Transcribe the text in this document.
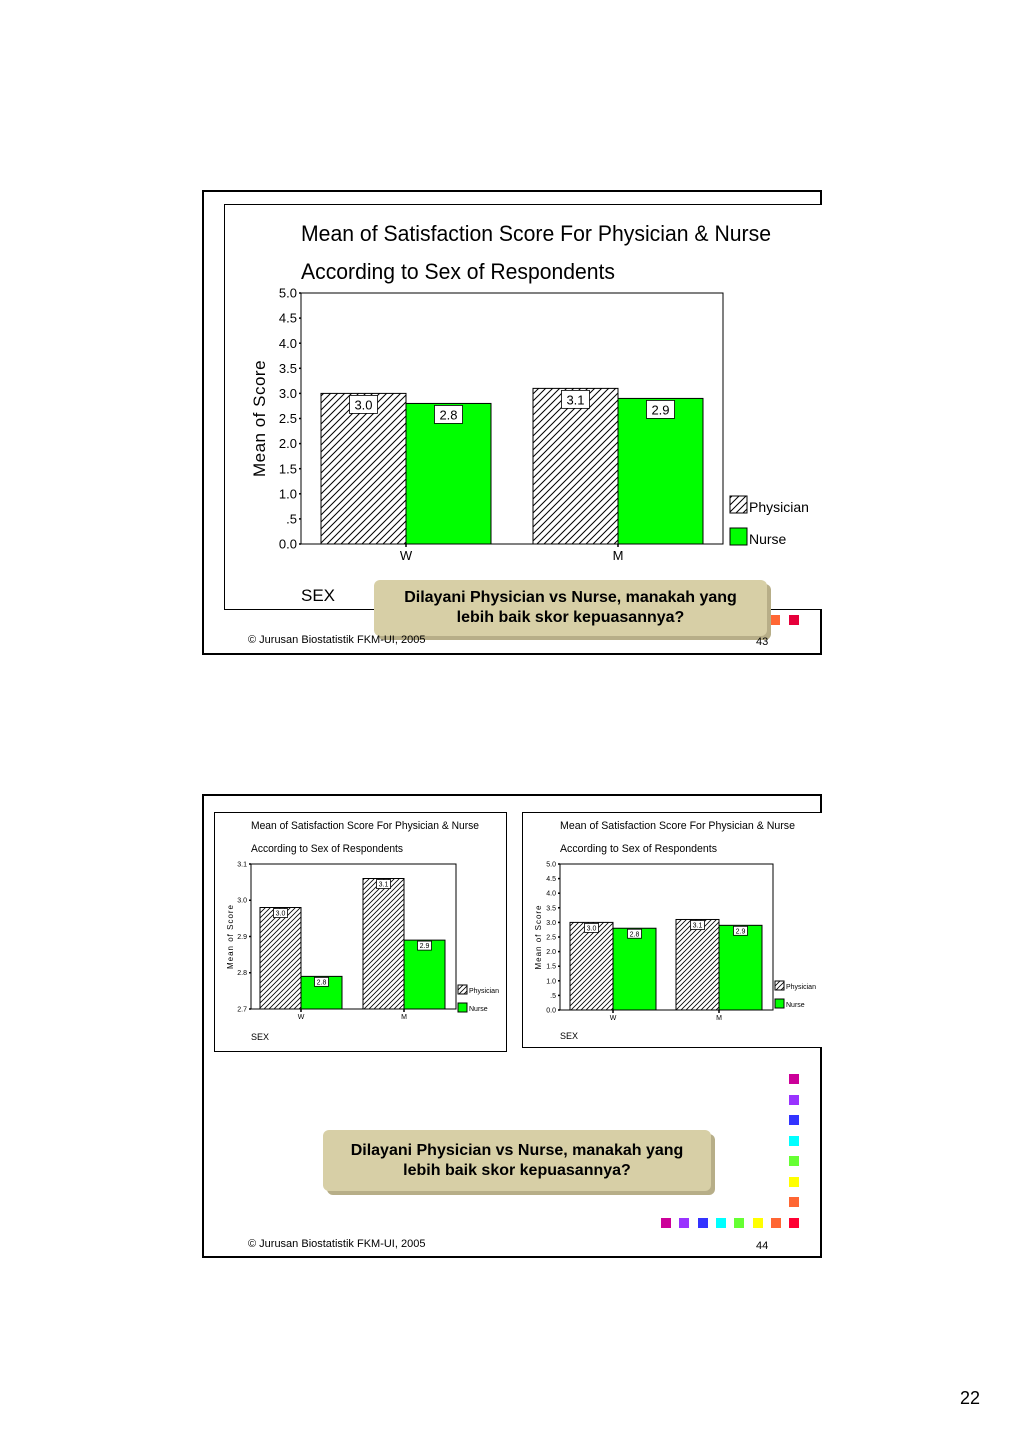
Mean of Satisfaction Score For Physician & Nurse
According to Sex of Respondents
0.0
.5
1.0
1.5
2.0
2.5
3.0
3.5
4.0
4.5
5.0
Mean of Score	3.0
2.8
W
3.1
2.9
M
SEX
Physician
Nurse
Dilayani Physician vs Nurse, manakah yang lebih baik skor kepuasannya?
© Jurusan Biostatistik FKM-UI, 2005	43
Mean of Satisfaction Score For Physician & Nurse
According to Sex of Respondents
2.7
2.8
2.9
3.0
3.1
Mean of Score	3.0
2.8
W
3.1
2.9
M
SEX
Physician
Nurse
Mean of Satisfaction Score For Physician & Nurse
According to Sex of Respondents
0.0
.5
1.0
1.5
2.0
2.5
3.0
3.5
4.0
4.5
5.0
Mean of Score	3.0
2.8
W
3.1
2.9
M
SEX
Physician
Nurse
Dilayani Physician vs Nurse, manakah yang lebih baik skor kepuasannya?
© Jurusan Biostatistik FKM-UI, 2005	44
22
